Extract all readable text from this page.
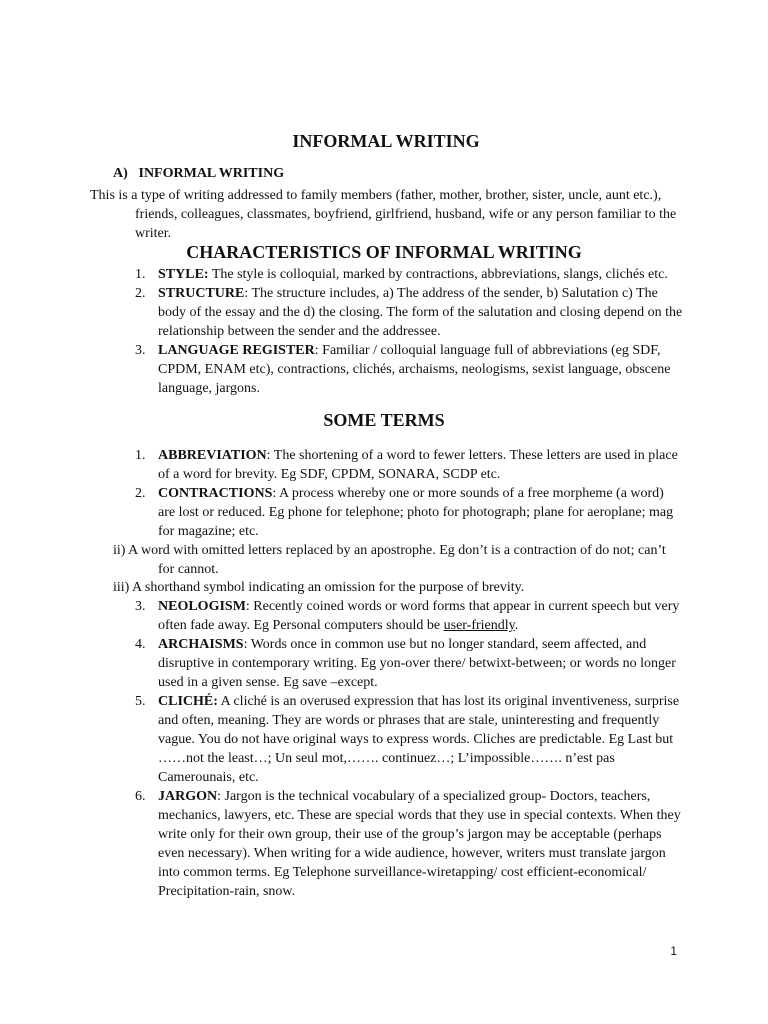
INFORMAL WRITING
A) INFORMAL WRITING
This is a type of writing addressed to family members (father, mother, brother, sister, uncle, aunt etc.),
friends, colleagues, classmates, boyfriend, girlfriend, husband, wife or any person familiar to the writer.
CHARACTERISTICS OF INFORMAL WRITING
1. STYLE: The style is colloquial, marked by contractions, abbreviations, slangs, clichés etc.
2. STRUCTURE: The structure includes, a) The address of the sender, b) Salutation c) The body of the essay and the d) the closing. The form of the salutation and closing depend on the relationship between the sender and the addressee.
3. LANGUAGE REGISTER: Familiar / colloquial language full of abbreviations (eg SDF, CPDM, ENAM etc), contractions, clichés, archaisms, neologisms, sexist language, obscene language, jargons.
SOME TERMS
1. ABBREVIATION: The shortening of a word to fewer letters. These letters are used in place of a word for brevity. Eg SDF, CPDM, SONARA, SCDP etc.
2. CONTRACTIONS: A process whereby one or more sounds of a free morpheme (a word) are lost or reduced. Eg phone for telephone; photo for photograph; plane for aeroplane; mag for magazine; etc.
ii) A word with omitted letters replaced by an apostrophe. Eg don’t is a contraction of do not; can’t
for cannot.
iii) A shorthand symbol indicating an omission for the purpose of brevity.
3. NEOLOGISM: Recently coined words or word forms that appear in current speech but very often fade away. Eg Personal computers should be user-friendly.
4. ARCHAISMS: Words once in common use but no longer standard, seem affected, and disruptive in contemporary writing. Eg yon-over there/ betwixt-between; or words no longer used in a given sense. Eg save –except.
5. CLICHÉ: A cliché is an overused expression that has lost its original inventiveness, surprise and often, meaning. They are words or phrases that are stale, uninteresting and frequently vague. You do not have original ways to express words. Cliches are predictable. Eg Last but ……not the least…; Un seul mot,……. continuez…; L’impossible……. n’est pas Camerounais, etc.
6. JARGON: Jargon is the technical vocabulary of a specialized group- Doctors, teachers, mechanics, lawyers, etc. These are special words that they use in special contexts. When they write only for their own group, their use of the group’s jargon may be acceptable (perhaps even necessary). When writing for a wide audience, however, writers must translate jargon into common terms. Eg Telephone surveillance-wiretapping/ cost efficient-economical/ Precipitation-rain, snow.
1
